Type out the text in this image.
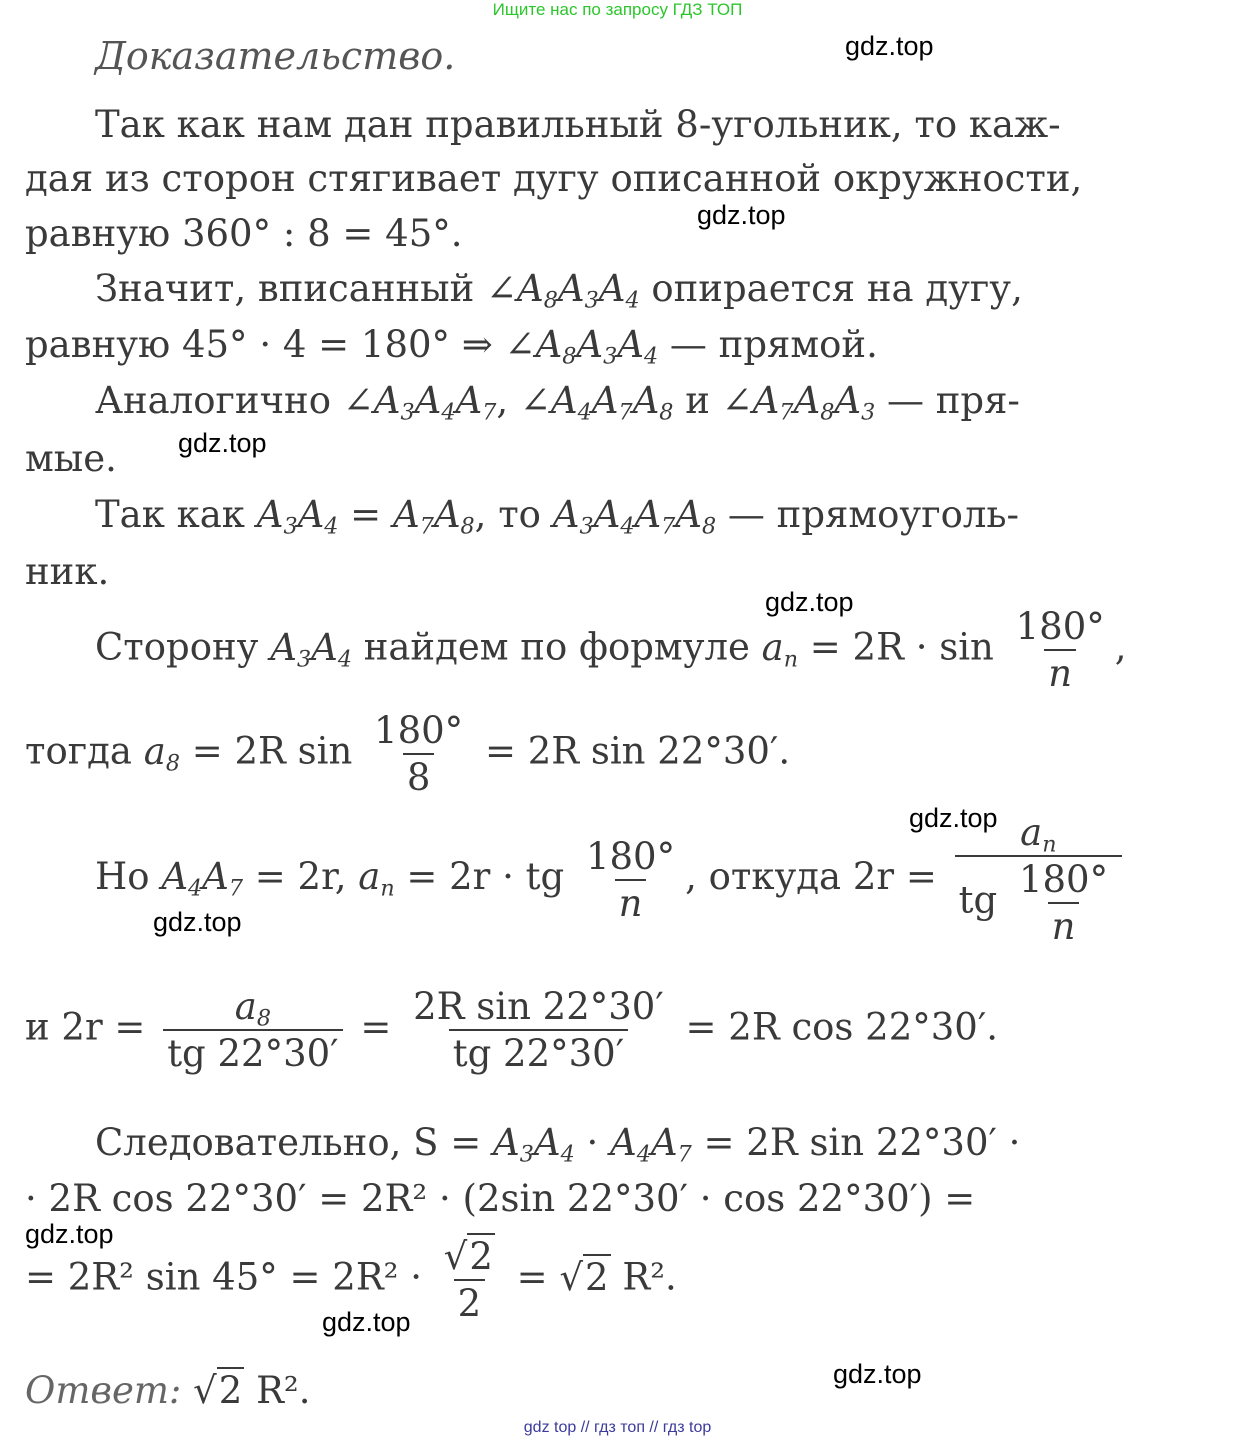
Ищите нас по запросу ГДЗ ТОП
Доказательство.
Так как нам дан правильный 8-угольник, то каж-
дая из сторон стягивает дугу описанной окружности,
равную 360° : 8 = 45°.
Значит, вписанный $\angle A_8A_3A_4$ опирается на дугу,
равную 45° · 4 = 180° ⇒ $\angle A_8A_3A_4$ — прямой.
Аналогично $\angle A_3A_4A_7$, $\angle A_4A_7A_8$ и $\angle A_7A_8A_3$ — пря-
мые.
Так как $A_3A_4 = A_7A_8$, то $A_3A_4A_7A_8$ — прямоуголь-
ник.
Сторону $A_3A_4$ найдем по формуле $a_n = 2R \cdot \sin \frac{180^\circ}{n}$ ,
тогда $a_8 = 2R$ $\sin \frac{180^\circ}{8} = 2R$ sin 22°30′.
Но $A_4A_7 = 2r$, $a_n = 2r$ · tg $\frac{180^\circ}{n}$ , откуда $2r = \frac{a_n}{tg \frac{180^\circ}{n}}$
и $2r = \frac{a_8}{tg 22^\circ 30'} = \frac{\text{2R sin 22°30′}}{tg 22^\circ 30'} = 2R$ cos 22°30′.
Следовательно, $S = A_3A_4 \cdot A_4A_7 = 2R$ sin 22°30′ ·
· 2R cos 22°30′ = 2R² · (2sin 22°30′ · cos 22°30′) =
= 2R² $\sin 45^\circ = 2R^2 \cdot \frac{√2}{2} = √2$ R².
Ответ: √2 R².
gdz.top
gdz.top
gdz.top
gdz.top
gdz.top
gdz.top
gdz.top
gdz.top
gdz.top
gdz top // гдз топ // гдз top
